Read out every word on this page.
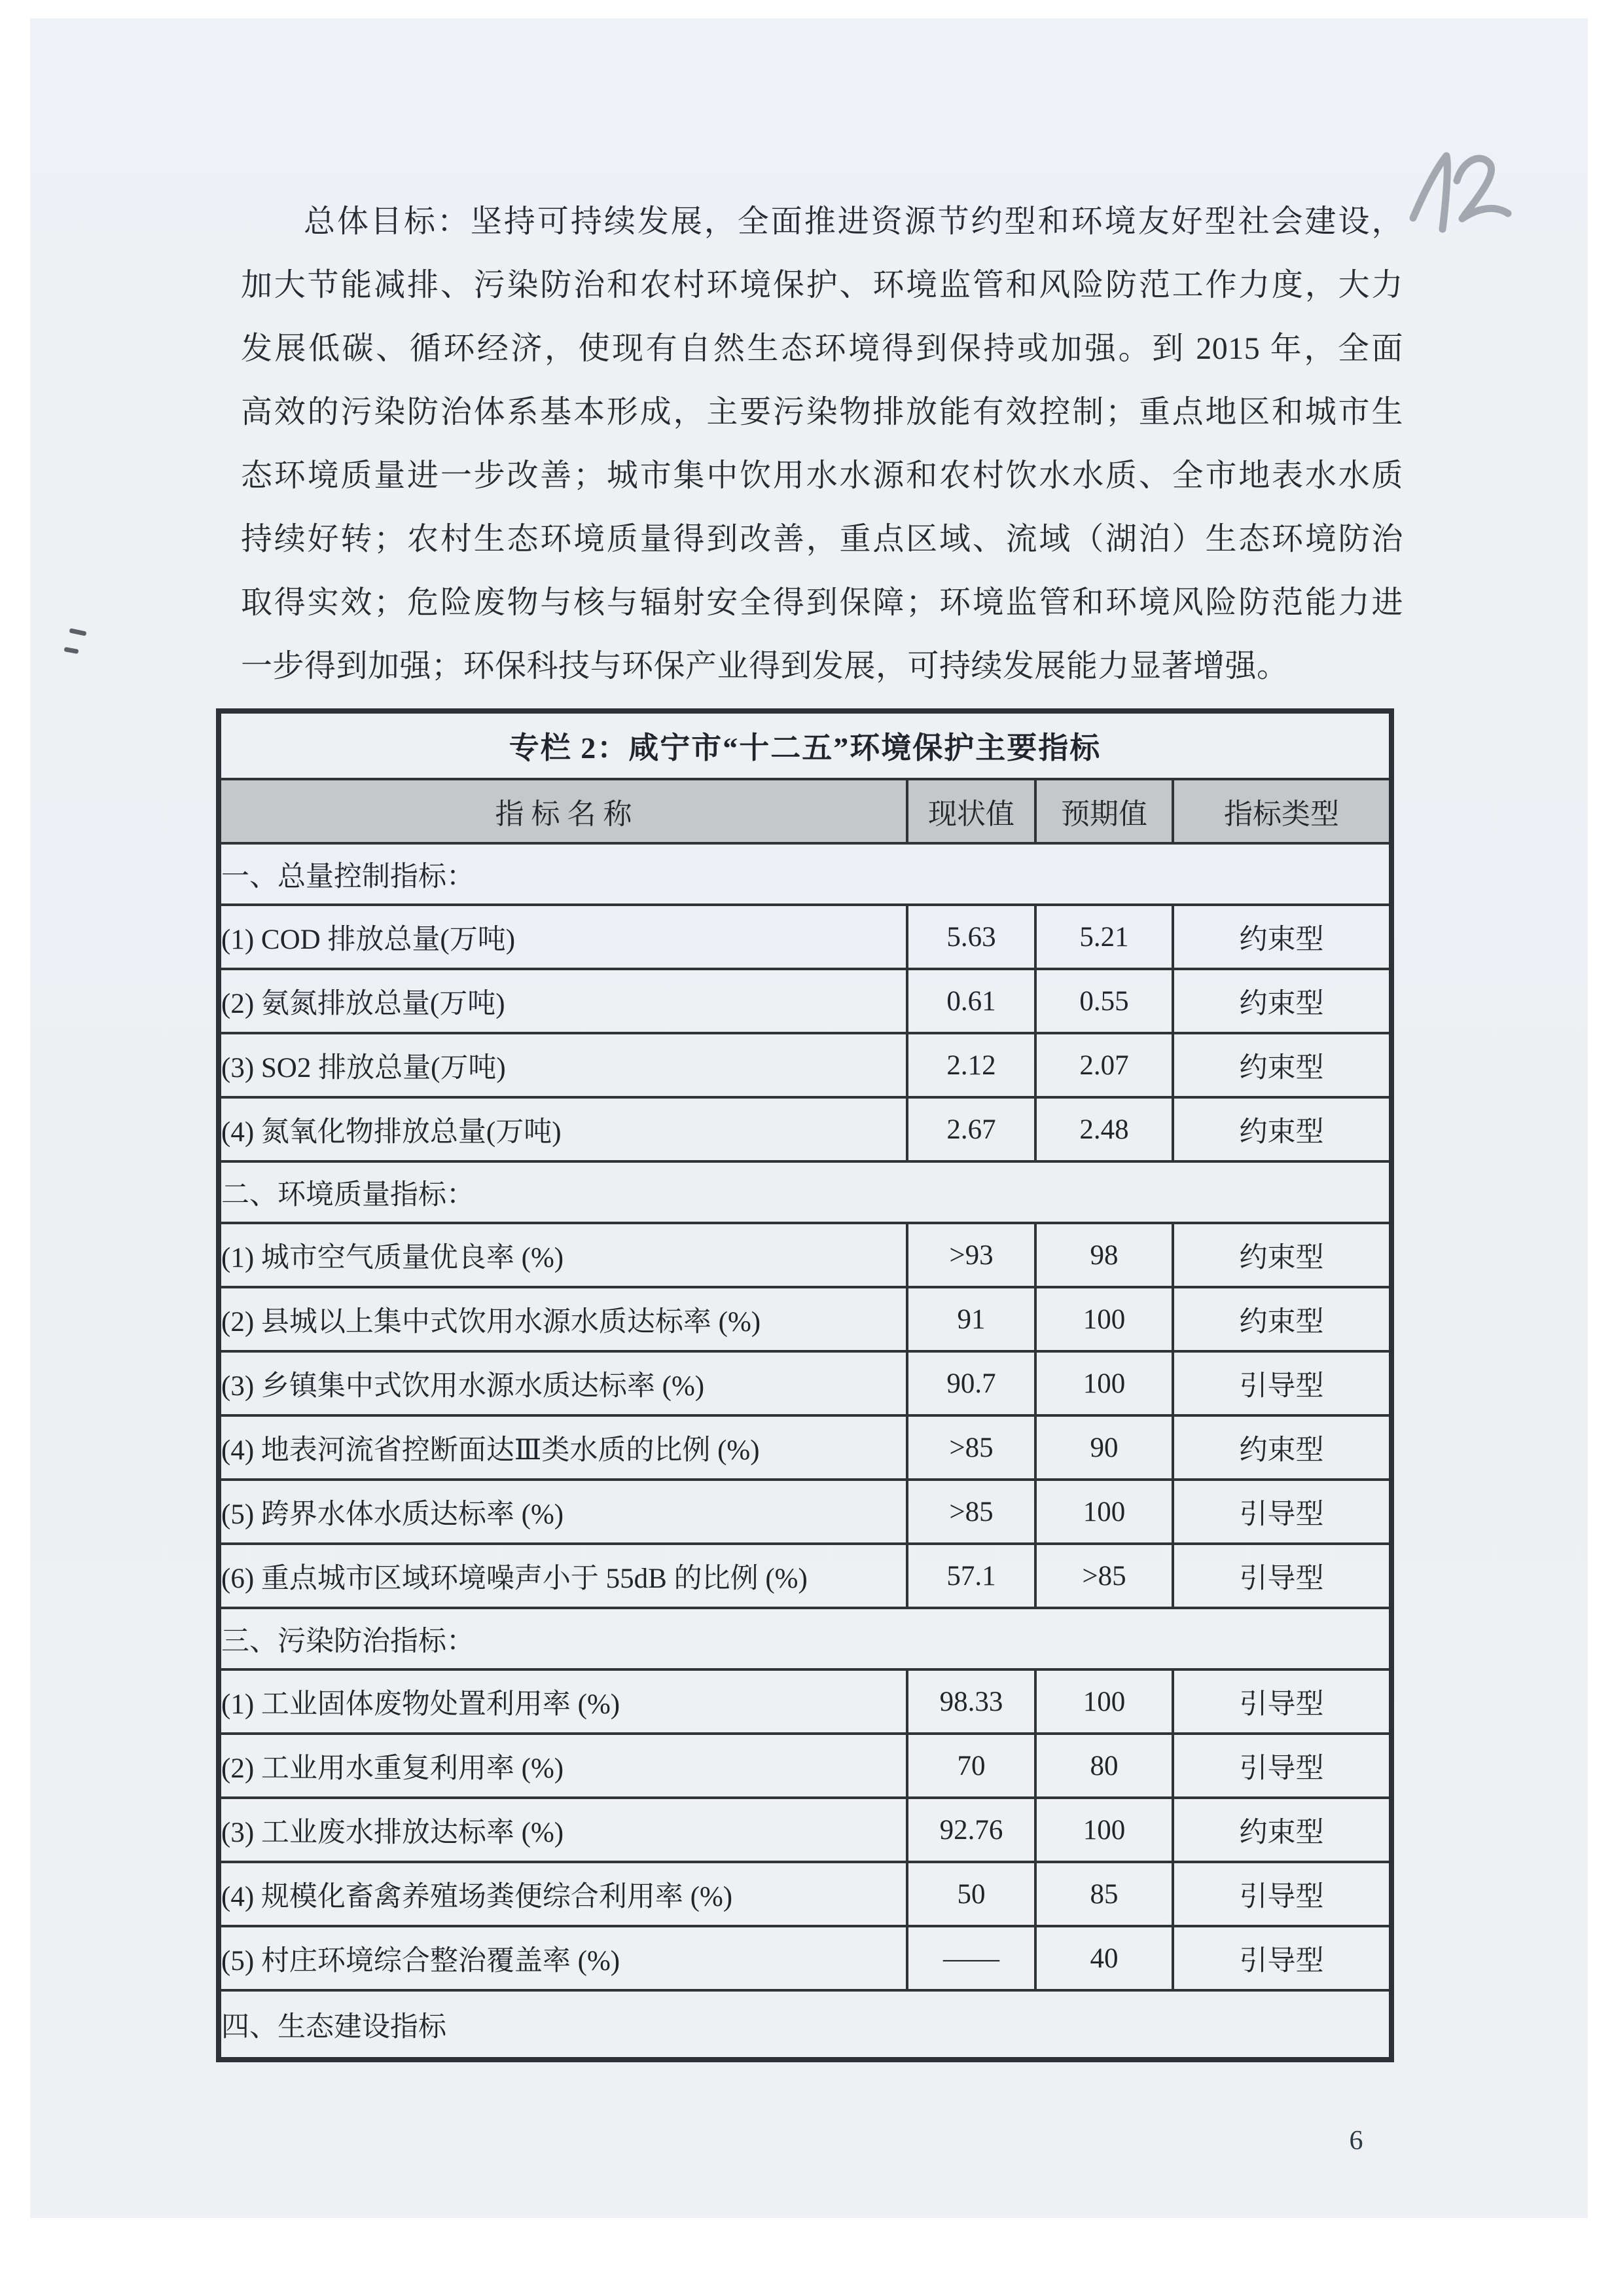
总体目标：坚持可持续发展，全面推进资源节约型和环境友好型社会建设，
加大节能减排、污染防治和农村环境保护、环境监管和风险防范工作力度，大力
发展低碳、循环经济，使现有自然生态环境得到保持或加强。到 2015 年，全面
高效的污染防治体系基本形成，主要污染物排放能有效控制；重点地区和城市生
态环境质量进一步改善；城市集中饮用水水源和农村饮水水质、全市地表水水质
持续好转；农村生态环境质量得到改善，重点区域、流域（湖泊）生态环境防治
取得实效；危险废物与核与辐射安全得到保障；环境监管和环境风险防范能力进
一步得到加强；环保科技与环保产业得到发展，可持续发展能力显著增强。
专栏 2：咸宁市“十二五”环境保护主要指标			
指 标 名 称	现状值	预期值	指标类型
一、总量控制指标：			
(1) COD 排放总量(万吨)	5.63	5.21	约束型
(2) 氨氮排放总量(万吨)	0.61	0.55	约束型
(3) SO2 排放总量(万吨)	2.12	2.07	约束型
(4) 氮氧化物排放总量(万吨)	2.67	2.48	约束型
二、环境质量指标：			
(1) 城市空气质量优良率 (%)	>93	98	约束型
(2) 县城以上集中式饮用水源水质达标率 (%)	91	100	约束型
(3) 乡镇集中式饮用水源水质达标率 (%)	90.7	100	引导型
(4) 地表河流省控断面达Ⅲ类水质的比例 (%)	>85	90	约束型
(5) 跨界水体水质达标率 (%)	>85	100	引导型
(6) 重点城市区域环境噪声小于 55dB 的比例 (%)	57.1	>85	引导型
三、污染防治指标：			
(1) 工业固体废物处置利用率 (%)	98.33	100	引导型
(2) 工业用水重复利用率 (%)	70	80	引导型
(3) 工业废水排放达标率 (%)	92.76	100	约束型
(4) 规模化畜禽养殖场粪便综合利用率 (%)	50	85	引导型
(5) 村庄环境综合整治覆盖率 (%)	——	40	引导型
四、生态建设指标			
6
